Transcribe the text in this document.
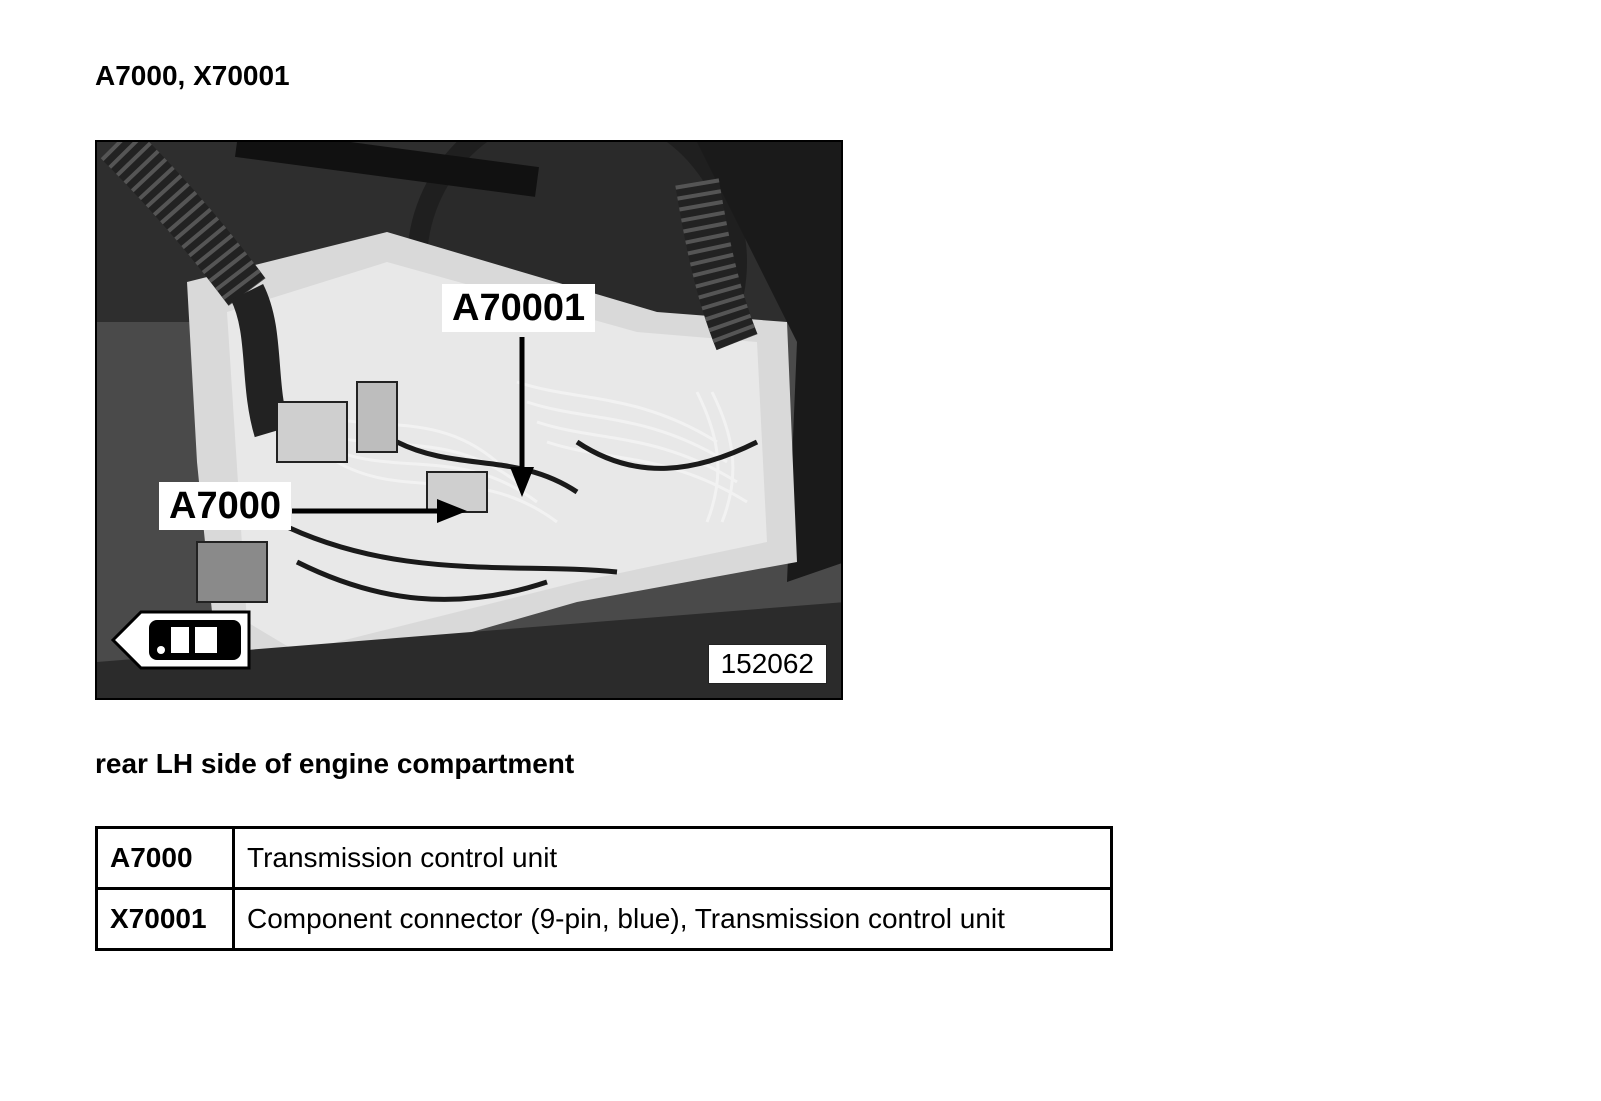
A7000, X70001
A70001
A7000
152062
rear LH side of engine compartment
A7000	Transmission control unit
X70001	Component connector (9-pin, blue), Transmission control unit
